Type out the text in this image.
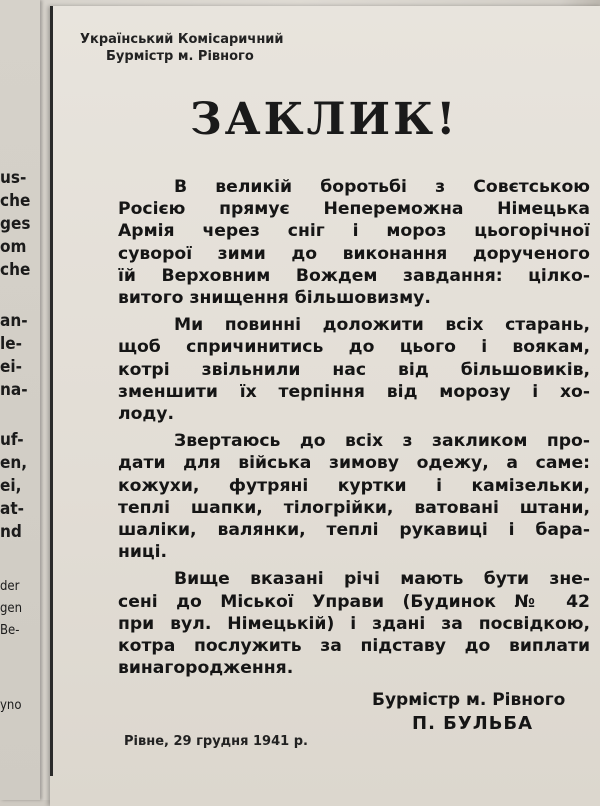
us-
che
ges
om
che
an-
le-
ei-
na-
uf-
en,
ei,
at-
nd
der
gen
Be-
yno
Український Комісаричний
Бурмістр м. Рівного
ЗАКЛИК!

В великій боротьбі з Совєтською
Росією прямує Непереможна Німецька
Армія через сніг і мороз цьогорічної
суворої зими до виконання дорученого
їй Верховним Вождем завдання: цілко-
витого знищення більшовизму.

Ми повинні доложити всіх старань,
щоб спричинитись до цього і воякам,
котрі звільнили нас від більшовиків,
зменшити їх терпіння від морозу і хо-
лоду.

Звертаюсь до всіх з закликом про-
дати для війська зимову одежу, а саме:
кожухи, футряні куртки і камізельки,
теплі шапки, тілогрійки, ватовані штани,
шаліки, валянки, теплі рукавиці і бара-
ниці.

Вище вказані річі мають бути зне-
сені до Міської Управи (Будинок № 42
при вул. Німецькій) і здані за посвідкою,
котра послужить за підставу до виплати
винагородження.

Бурмістр м. Рівного
П. БУЛЬБА
Рівне, 29 грудня 1941 р.
